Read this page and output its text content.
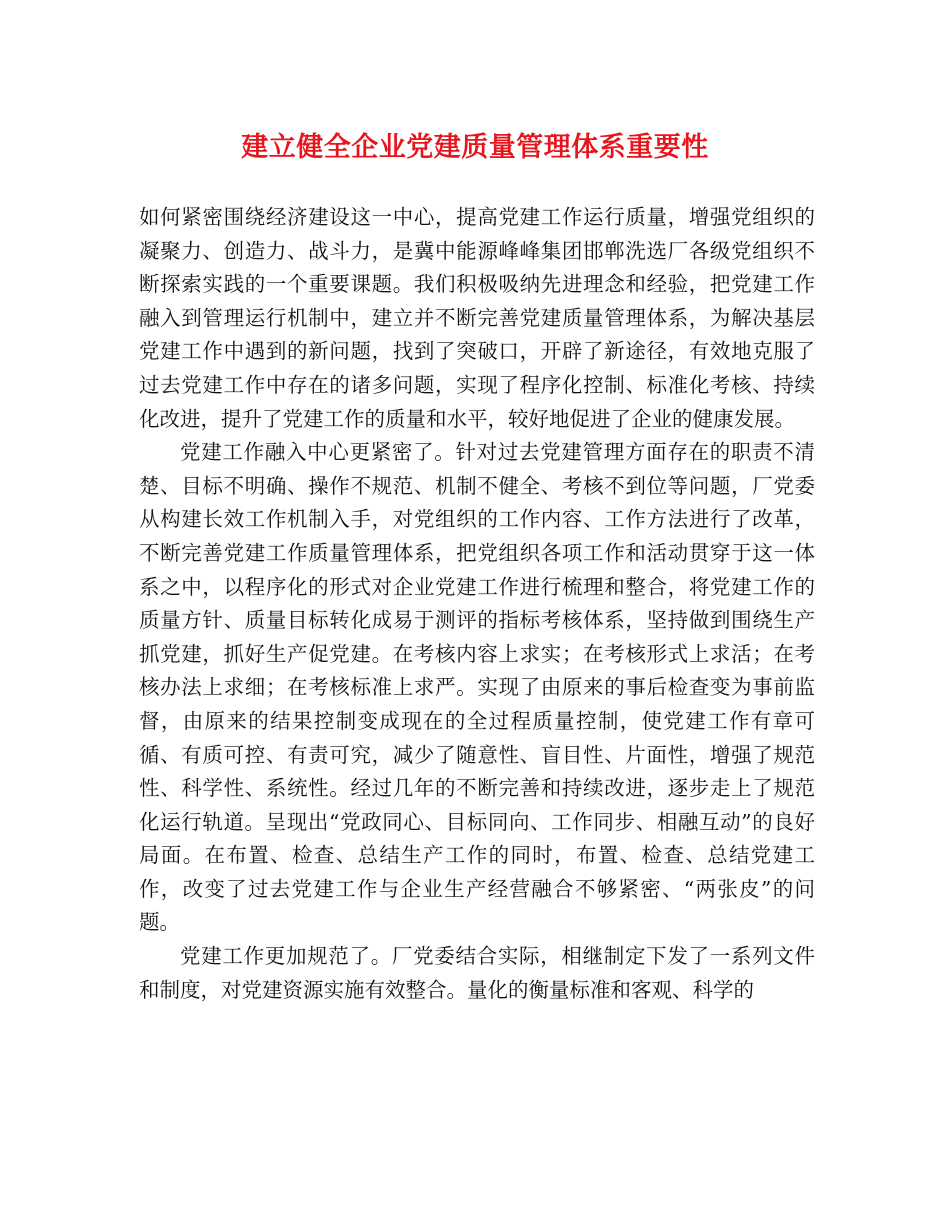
建立健全企业党建质量管理体系重要性

如何紧密围绕经济建设这一中心，提高党建工作运行质量，增强党组织的凝聚力、创造力、战斗力，是冀中能源峰峰集团邯郸洗选厂各级党组织不断探索实践的一个重要课题。我们积极吸纳先进理念和经验，把党建工作融入到管理运行机制中，建立并不断完善党建质量管理体系，为解决基层党建工作中遇到的新问题，找到了突破口，开辟了新途径，有效地克服了过去党建工作中存在的诸多问题，实现了程序化控制、标准化考核、持续化改进，提升了党建工作的质量和水平，较好地促进了企业的健康发展。

党建工作融入中心更紧密了。针对过去党建管理方面存在的职责不清楚、目标不明确、操作不规范、机制不健全、考核不到位等问题，厂党委从构建长效工作机制入手，对党组织的工作内容、工作方法进行了改革，不断完善党建工作质量管理体系，把党组织各项工作和活动贯穿于这一体系之中，以程序化的形式对企业党建工作进行梳理和整合，将党建工作的质量方针、质量目标转化成易于测评的指标考核体系，坚持做到围绕生产抓党建，抓好生产促党建。在考核内容上求实；在考核形式上求活；在考核办法上求细；在考核标准上求严。实现了由原来的事后检查变为事前监督，由原来的结果控制变成现在的全过程质量控制，使党建工作有章可循、有质可控、有责可究，减少了随意性、盲目性、片面性，增强了规范性、科学性、系统性。经过几年的不断完善和持续改进，逐步走上了规范化运行轨道。呈现出“党政同心、目标同向、工作同步、相融互动”的良好局面。在布置、检查、总结生产工作的同时，布置、检查、总结党建工作，改变了过去党建工作与企业生产经营融合不够紧密、“两张皮”的问题。

党建工作更加规范了。厂党委结合实际，相继制定下发了一系列文件和制度，对党建资源实施有效整合。量化的衡量标准和客观、科学的
